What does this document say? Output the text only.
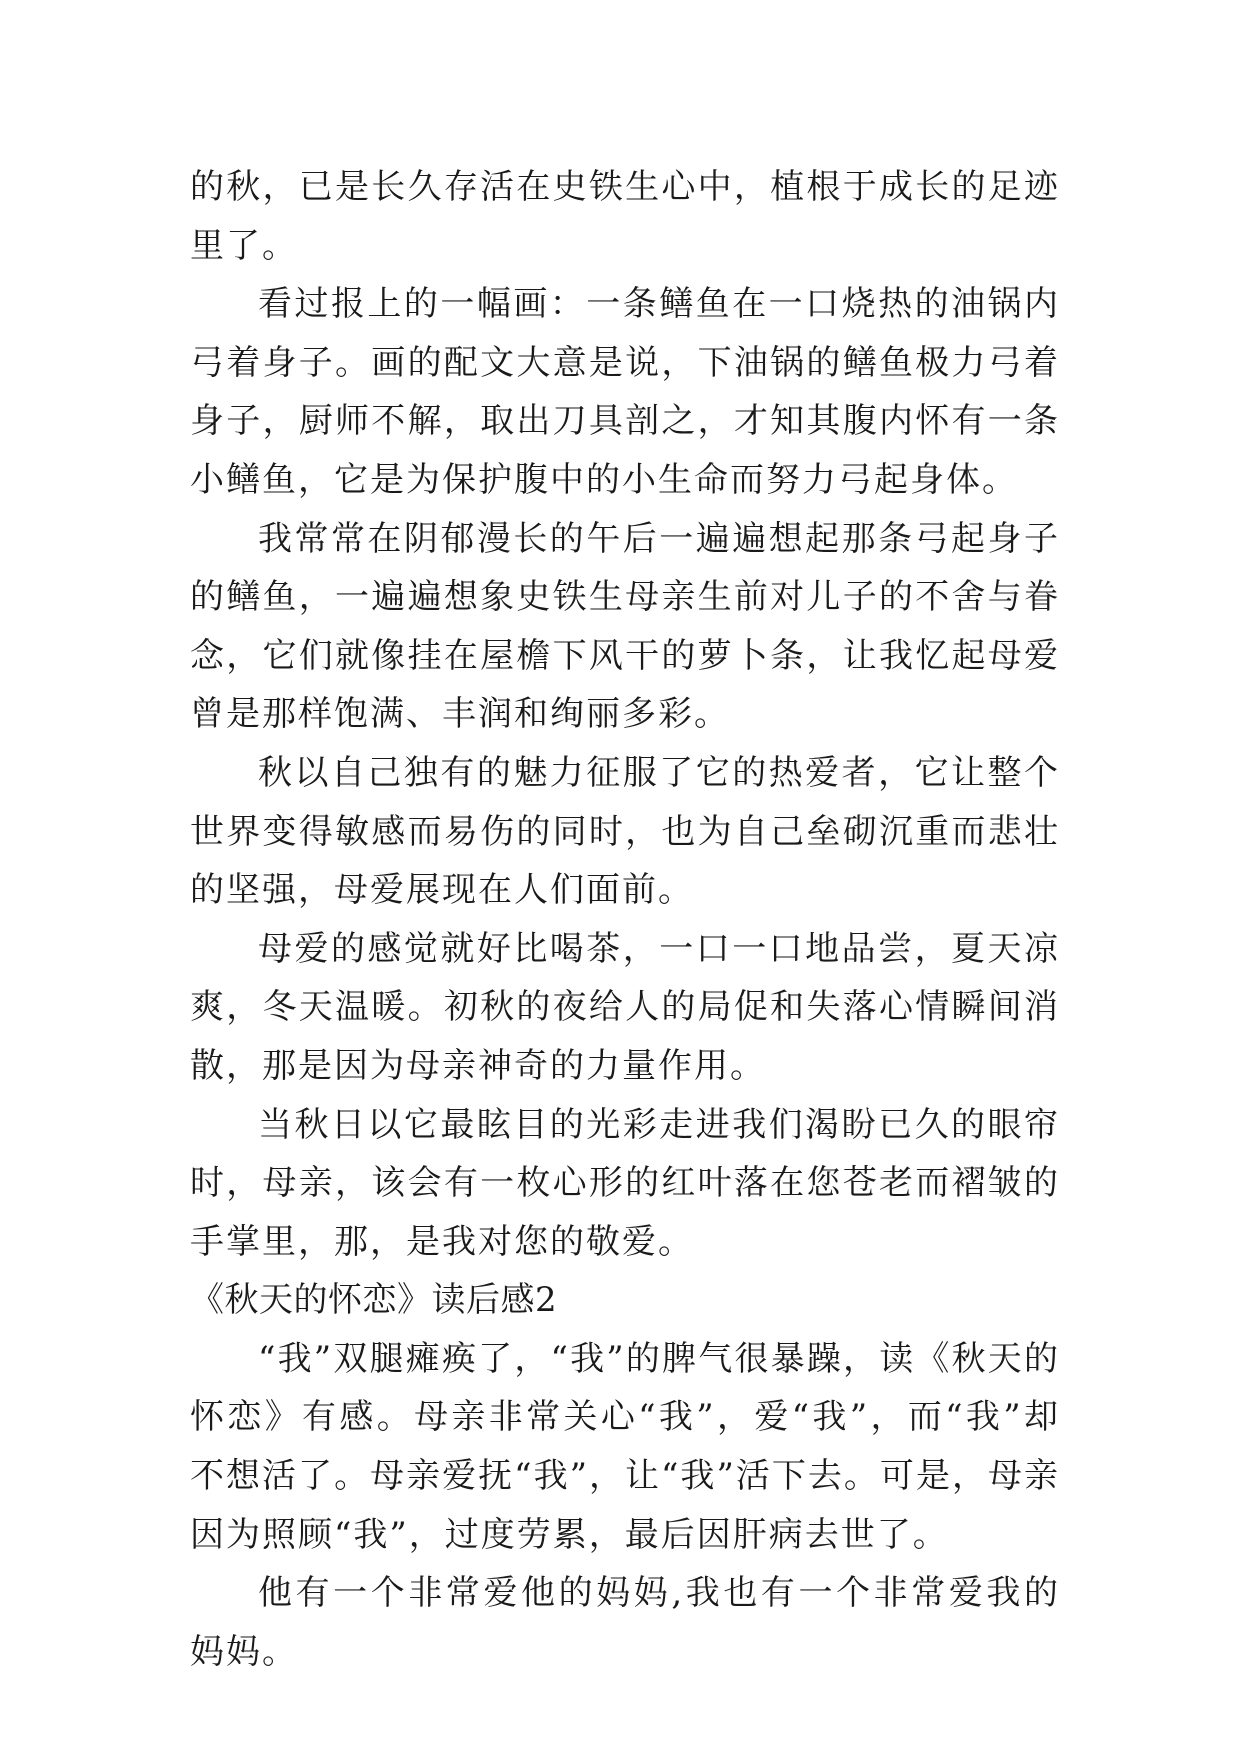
的秋，已是长久存活在史铁生心中，植根于成长的足迹里了。

看过报上的一幅画：一条鳝鱼在一口烧热的油锅内弓着身子。画的配文大意是说，下油锅的鳝鱼极力弓着身子，厨师不解，取出刀具剖之，才知其腹内怀有一条小鳝鱼，它是为保护腹中的小生命而努力弓起身体。

我常常在阴郁漫长的午后一遍遍想起那条弓起身子的鳝鱼，一遍遍想象史铁生母亲生前对儿子的不舍与眷念，它们就像挂在屋檐下风干的萝卜条，让我忆起母爱曾是那样饱满、丰润和绚丽多彩。

秋以自己独有的魅力征服了它的热爱者，它让整个世界变得敏感而易伤的同时，也为自己垒砌沉重而悲壮的坚强，母爱展现在人们面前。

母爱的感觉就好比喝茶，一口一口地品尝，夏天凉爽，冬天温暖。初秋的夜给人的局促和失落心情瞬间消散，那是因为母亲神奇的力量作用。

当秋日以它最眩目的光彩走进我们渴盼已久的眼帘时，母亲，该会有一枚心形的红叶落在您苍老而褶皱的手掌里，那，是我对您的敬爱。

《秋天的怀恋》读后感2

“我”双腿瘫痪了，“我”的脾气很暴躁，读《秋天的怀恋》有感。母亲非常关心“我”，爱“我”，而“我”却不想活了。母亲爱抚“我”，让“我”活下去。可是，母亲因为照顾“我”，过度劳累，最后因肝病去世了。

他有一个非常爱他的妈妈,我也有一个非常爱我的妈妈。
